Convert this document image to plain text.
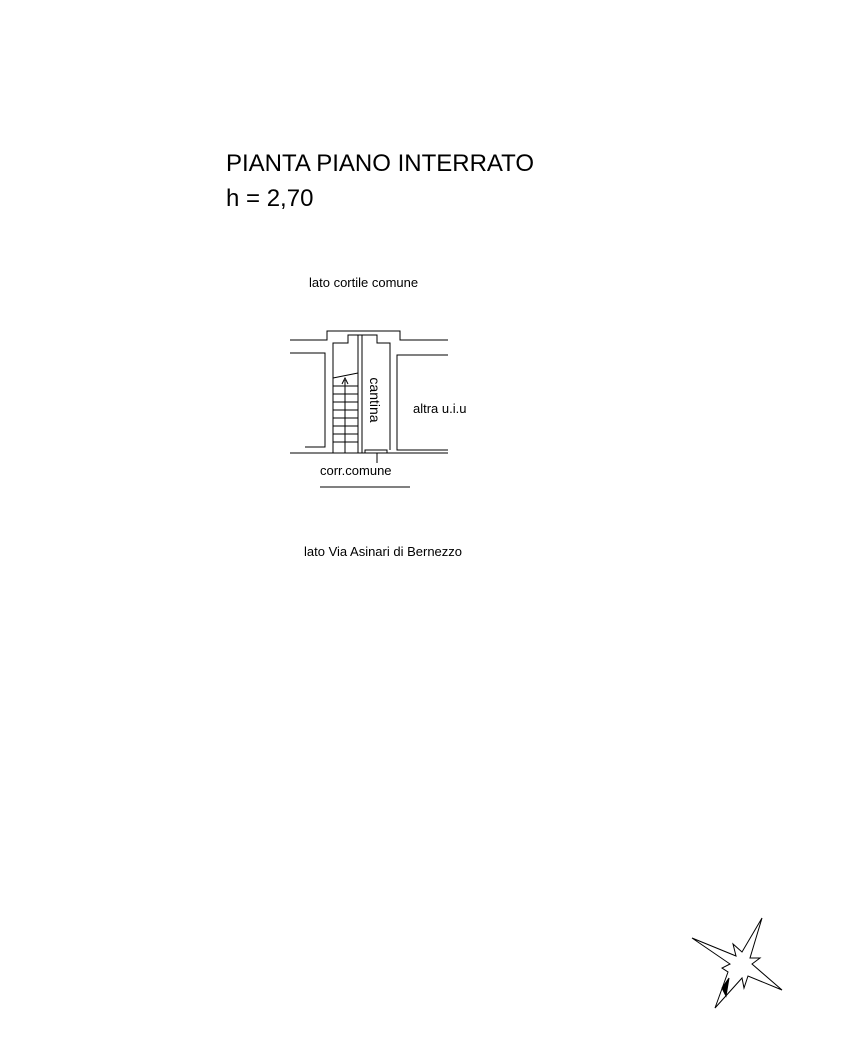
PIANTA PIANO INTERRATO
h = 2,70
lato cortile comune
lato Via Asinari di Bernezzo
altra u.i.u
corr.comune
cantina
